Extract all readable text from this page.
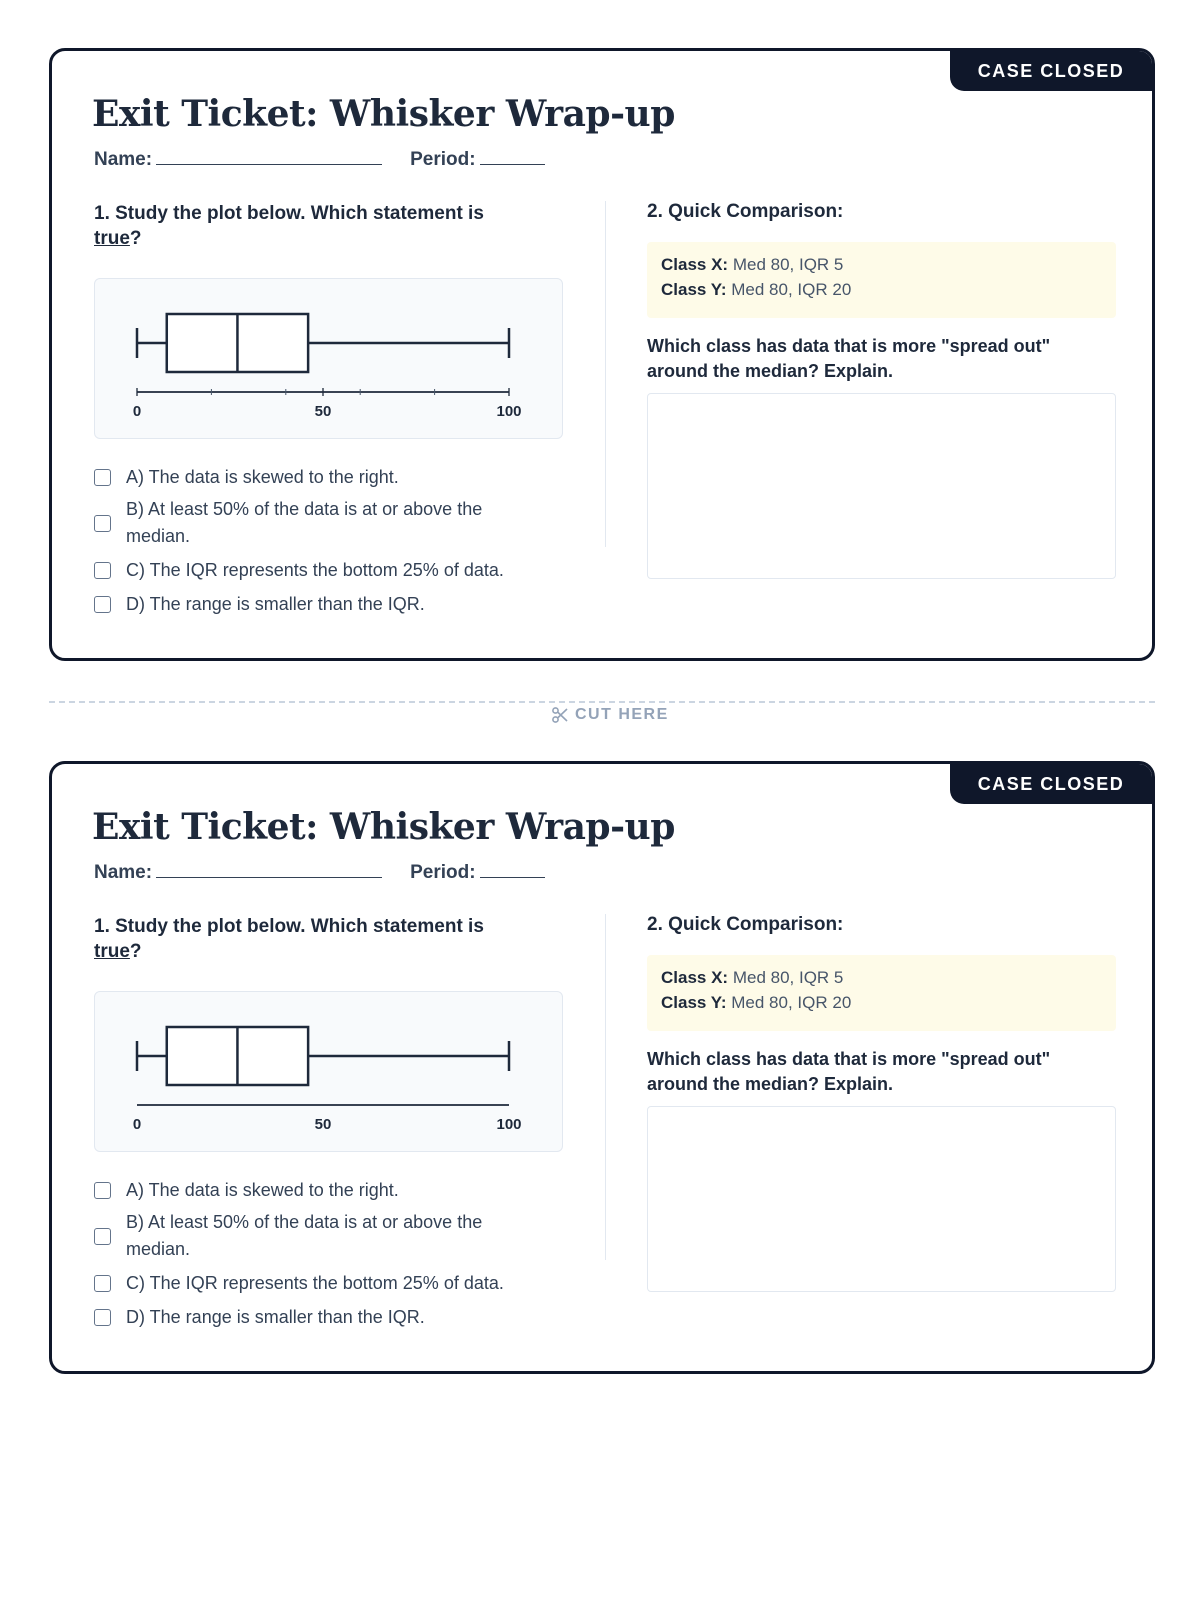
CASE CLOSED
Exit Ticket: Whisker Wrap-up
Name:	Period:
1. Study the plot below. Which statement is true?
0	50	100
A) The data is skewed to the right.
B) At least 50% of the data is at or above the median.
C) The IQR represents the bottom 25% of data.
D) The range is smaller than the IQR.
2. Quick Comparison:
Class X: Med 80, IQR 5
Class Y: Med 80, IQR 20
Which class has data that is more "spread out" around the median? Explain.
CUT HERE
CASE CLOSED
Exit Ticket: Whisker Wrap-up
Name:	Period:
1. Study the plot below. Which statement is true?
0	50	100
A) The data is skewed to the right.
B) At least 50% of the data is at or above the median.
C) The IQR represents the bottom 25% of data.
D) The range is smaller than the IQR.
2. Quick Comparison:
Class X: Med 80, IQR 5
Class Y: Med 80, IQR 20
Which class has data that is more "spread out" around the median? Explain.
